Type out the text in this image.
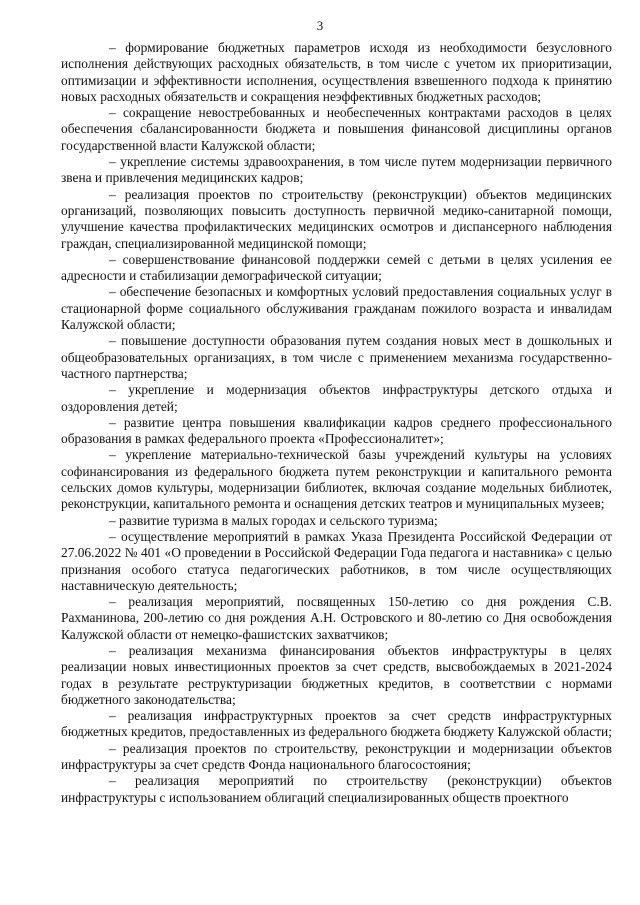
3

– формирование бюджетных параметров исходя из необходимости безусловного исполнения действующих расходных обязательств, в том числе с учетом их приоритизации, оптимизации и эффективности исполнения, осуществления взвешенного подхода к принятию новых расходных обязательств и сокращения неэффективных бюджетных расходов;

– сокращение невостребованных и необеспеченных контрактами расходов в целях обеспечения сбалансированности бюджета и повышения финансовой дисциплины органов государственной власти Калужской области;

– укрепление системы здравоохранения, в том числе путем модернизации первичного звена и привлечения медицинских кадров;

– реализация проектов по строительству (реконструкции) объектов медицинских организаций, позволяющих повысить доступность первичной медико-санитарной помощи, улучшение качества профилактических медицинских осмотров и диспансерного наблюдения граждан, специализированной медицинской помощи;

– совершенствование финансовой поддержки семей с детьми в целях усиления ее адресности и стабилизации демографической ситуации;

– обеспечение безопасных и комфортных условий предоставления социальных услуг в стационарной форме социального обслуживания гражданам пожилого возраста и инвалидам Калужской области;

– повышение доступности образования путем создания новых мест в дошкольных и общеобразовательных организациях, в том числе с применением механизма государственно-частного партнерства;

– укрепление и модернизация объектов инфраструктуры детского отдыха и оздоровления детей;

– развитие центра повышения квалификации кадров среднего профессионального образования в рамках федерального проекта «Профессионалитет»;

– укрепление материально-технической базы учреждений культуры на условиях софинансирования из федерального бюджета путем реконструкции и капитального ремонта сельских домов культуры, модернизации библиотек, включая создание модельных библиотек, реконструкции, капитального ремонта и оснащения детских театров и муниципальных музеев;

– развитие туризма в малых городах и сельского туризма;

– осуществление мероприятий в рамках Указа Президента Российской Федерации от 27.06.2022 № 401 «О проведении в Российской Федерации Года педагога и наставника» с целью признания особого статуса педагогических работников, в том числе осуществляющих наставническую деятельность;

– реализация мероприятий, посвященных 150-летию со дня рождения С.В. Рахманинова, 200-летию со дня рождения А.Н. Островского и 80-летию со Дня освобождения Калужской области от немецко-фашистских захватчиков;

– реализация механизма финансирования объектов инфраструктуры в целях реализации новых инвестиционных проектов за счет средств, высвобождаемых в 2021-2024 годах в результате реструктуризации бюджетных кредитов, в соответствии с нормами бюджетного законодательства;

– реализация инфраструктурных проектов за счет средств инфраструктурных бюджетных кредитов, предоставленных из федерального бюджета бюджету Калужской области;

– реализация проектов по строительству, реконструкции и модернизации объектов инфраструктуры за счет средств Фонда национального благосостояния;

– реализация мероприятий по строительству (реконструкции) объектов инфраструктуры с использованием облигаций специализированных обществ проектного
